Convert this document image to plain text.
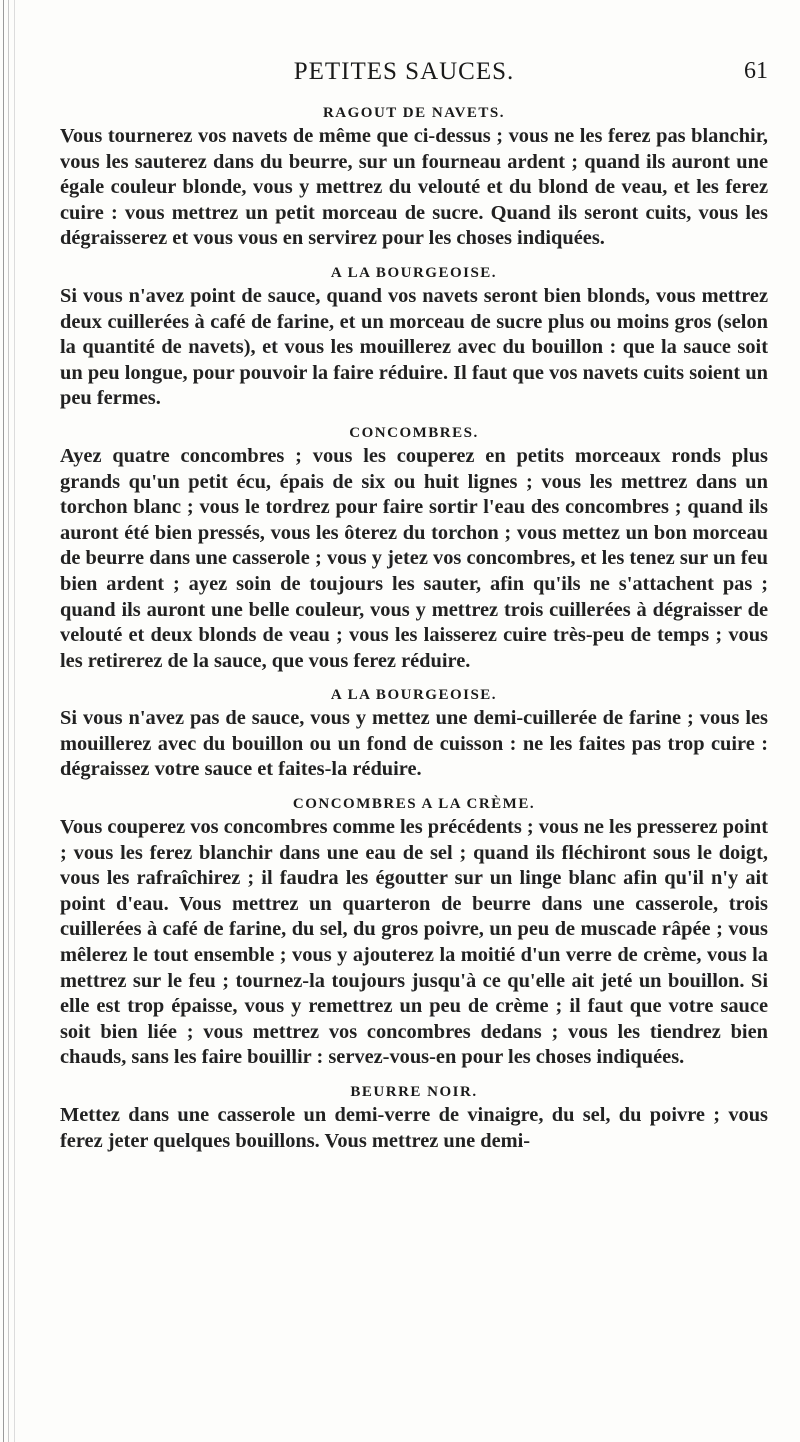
PETITES SAUCES.	61
RAGOUT DE NAVETS.

Vous tournerez vos navets de même que ci-dessus ; vous ne les ferez pas blanchir, vous les sauterez dans du beurre, sur un fourneau ardent ; quand ils auront une égale couleur blonde, vous y mettrez du velouté et du blond de veau, et les ferez cuire : vous mettrez un petit morceau de sucre. Quand ils seront cuits, vous les dégraisserez et vous vous en servirez pour les choses indiquées.

A LA BOURGEOISE.

Si vous n'avez point de sauce, quand vos navets seront bien blonds, vous mettrez deux cuillerées à café de farine, et un morceau de sucre plus ou moins gros (selon la quantité de navets), et vous les mouillerez avec du bouillon : que la sauce soit un peu longue, pour pouvoir la faire réduire. Il faut que vos navets cuits soient un peu fermes.

CONCOMBRES.

Ayez quatre concombres ; vous les couperez en petits morceaux ronds plus grands qu'un petit écu, épais de six ou huit lignes ; vous les mettrez dans un torchon blanc ; vous le tordrez pour faire sortir l'eau des concombres ; quand ils auront été bien pressés, vous les ôterez du torchon ; vous mettez un bon morceau de beurre dans une casserole ; vous y jetez vos concombres, et les tenez sur un feu bien ardent ; ayez soin de toujours les sauter, afin qu'ils ne s'attachent pas ; quand ils auront une belle couleur, vous y mettrez trois cuillerées à dégraisser de velouté et deux blonds de veau ; vous les laisserez cuire très-peu de temps ; vous les retirerez de la sauce, que vous ferez réduire.

A LA BOURGEOISE.

Si vous n'avez pas de sauce, vous y mettez une demi-cuillerée de farine ; vous les mouillerez avec du bouillon ou un fond de cuisson : ne les faites pas trop cuire : dégraissez votre sauce et faites-la réduire.

CONCOMBRES A LA CRÈME.

Vous couperez vos concombres comme les précédents ; vous ne les presserez point ; vous les ferez blanchir dans une eau de sel ; quand ils fléchiront sous le doigt, vous les rafraîchirez ; il faudra les égoutter sur un linge blanc afin qu'il n'y ait point d'eau. Vous mettrez un quarteron de beurre dans une casserole, trois cuillerées à café de farine, du sel, du gros poivre, un peu de muscade râpée ; vous mêlerez le tout ensemble ; vous y ajouterez la moitié d'un verre de crème, vous la mettrez sur le feu ; tournez-la toujours jusqu'à ce qu'elle ait jeté un bouillon. Si elle est trop épaisse, vous y remettrez un peu de crème ; il faut que votre sauce soit bien liée ; vous mettrez vos concombres dedans ; vous les tiendrez bien chauds, sans les faire bouillir : servez-vous-en pour les choses indiquées.

BEURRE NOIR.

Mettez dans une casserole un demi-verre de vinaigre, du sel, du poivre ; vous ferez jeter quelques bouillons. Vous mettrez une demi-
